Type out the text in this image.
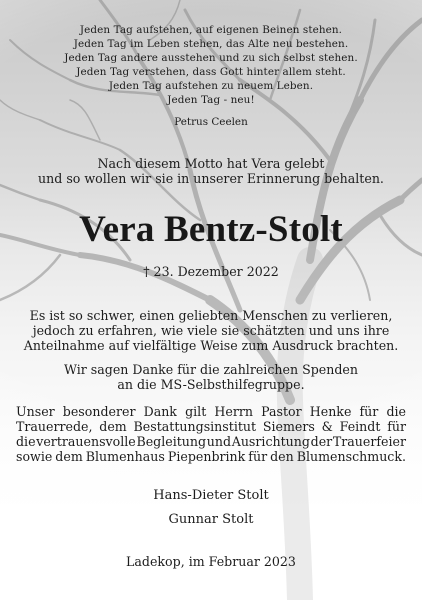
Jeden Tag aufstehen, auf eigenen Beinen stehen.
Jeden Tag im Leben stehen, das Alte neu bestehen.
Jeden Tag andere ausstehen und zu sich selbst stehen.
Jeden Tag verstehen, dass Gott hinter allem steht.
Jeden Tag aufstehen zu neuem Leben.
Jeden Tag - neu!
Petrus Ceelen
Nach diesem Motto hat Vera gelebt
und so wollen wir sie in unserer Erinnerung behalten.
Vera Bentz-Stolt
† 23. Dezember 2022
Es ist so schwer, einen geliebten Menschen zu verlieren,
jedoch zu erfahren, wie viele sie schätzten und uns ihre
Anteilnahme auf vielfältige Weise zum Ausdruck brachten.
Wir sagen Danke für die zahlreichen Spenden
an die MS-Selbsthilfegruppe.
Unser besonderer Dank gilt Herrn Pastor Henke für die
Trauerrede, dem Bestattungsinstitut Siemers & Feindt für
die vertrauensvolle Begleitung und Ausrichtung der Trauerfeier
sowie dem Blumenhaus Piepenbrink für den Blumenschmuck.
Hans-Dieter Stolt
Gunnar Stolt
Ladekop, im Februar 2023
